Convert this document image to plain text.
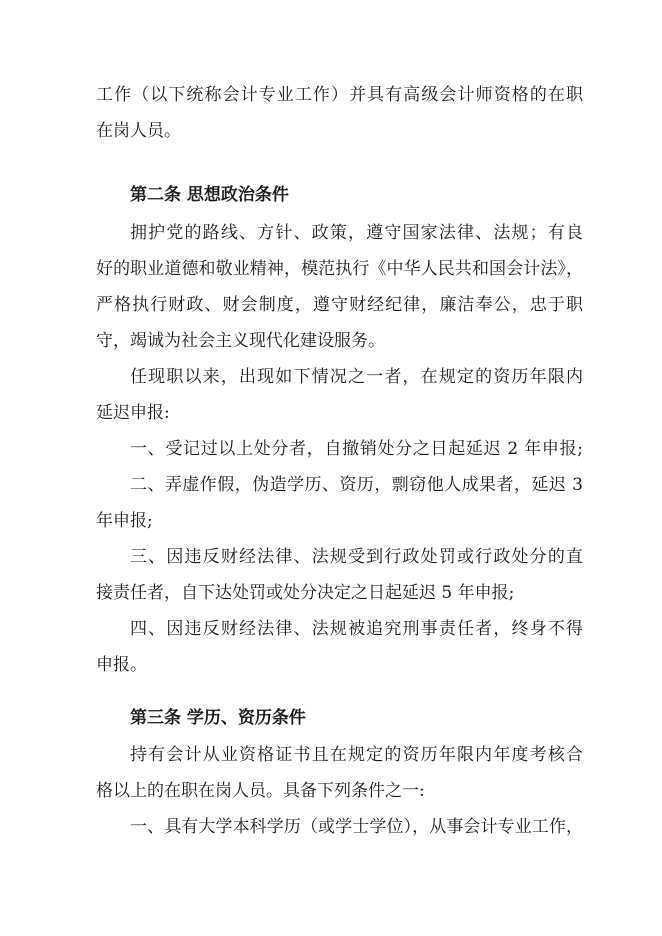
工作（以下统称会计专业工作）并具有高级会计师资格的在职
在岗人员。
第二条 思想政治条件
拥护党的路线、方针、政策，遵守国家法律、法规；有良
好的职业道德和敬业精神，模范执行《中华人民共和国会计法》，
严格执行财政、财会制度，遵守财经纪律，廉洁奉公，忠于职
守，竭诚为社会主义现代化建设服务。
任现职以来，出现如下情况之一者，在规定的资历年限内
延迟申报:
一、受记过以上处分者，自撤销处分之日起延迟 2 年申报;
二、弄虚作假，伪造学历、资历，剽窃他人成果者，延迟 3
年申报;
三、因违反财经法律、法规受到行政处罚或行政处分的直
接责任者，自下达处罚或处分决定之日起延迟 5 年申报;
四、因违反财经法律、法规被追究刑事责任者，终身不得
申报。
第三条 学历、资历条件
持有会计从业资格证书且在规定的资历年限内年度考核合
格以上的在职在岗人员。具备下列条件之一:
一、具有大学本科学历（或学士学位），从事会计专业工作，
